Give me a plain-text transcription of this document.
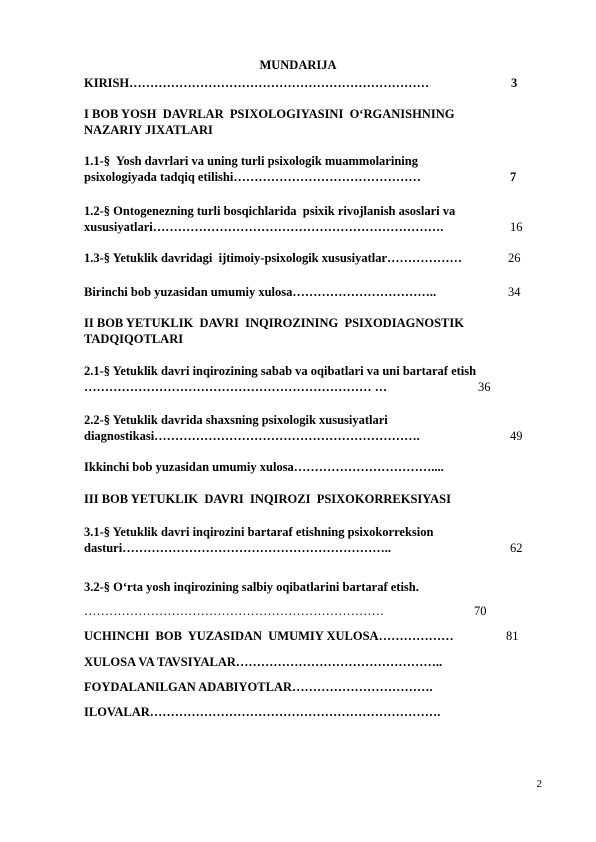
MUNDARIJA
KIRISH………………………………………………………………	3
I BOB YOSH  DAVRLAR  PSIXOLOGIYASINI  O‘RGANISHNING
NAZARIY JIXATLARI
1.1-§  Yosh davrlari va uning turli psixologik muammolarining
psixologiyada tadqiq etilishi………………………………………	7
1.2-§ Ontogenezning turli bosqichlarida  psixik rivojlanish asoslari va
xususiyatlari…………………………………………………………….	16
1.3-§ Yetuklik davridagi  ijtimoiy-psixologik xususiyatlar………………	26
Birinchi bob yuzasidan umumiy xulosa……………………………..	34
II BOB YETUKLIK  DAVRI  INQIROZINING  PSIXODIAGNOSTIK
TADQIQOTLARI
2.1-§ Yetuklik davri inqirozining sabab va oqibatlari va uni bartaraf etish
…………………………………………………………… …	36
2.2-§ Yetuklik davrida shaxsning psixologik xususiyatlari
diagnostikasi……………………………………………………….	49
Ikkinchi bob yuzasidan umumiy xulosa……………………………....
III BOB YETUKLIK  DAVRI  INQIROZI  PSIXOKORREKSIYASI
3.1-§ Yetuklik davri inqirozini bartaraf etishning psixokorreksion
dasturi………………………………………………………..	62
3.2-§ O‘rta yosh inqirozining salbiy oqibatlarini bartaraf etish.
………………………………………………………………	70
UCHINCHI  BOB  YUZASIDAN  UMUMIY XULOSA………………	81
XULOSA VA TAVSIYALAR…………………………………………..
FOYDALANILGAN ADABIYOTLAR…………………………….
ILOVALAR…………………………………………………………….
2
